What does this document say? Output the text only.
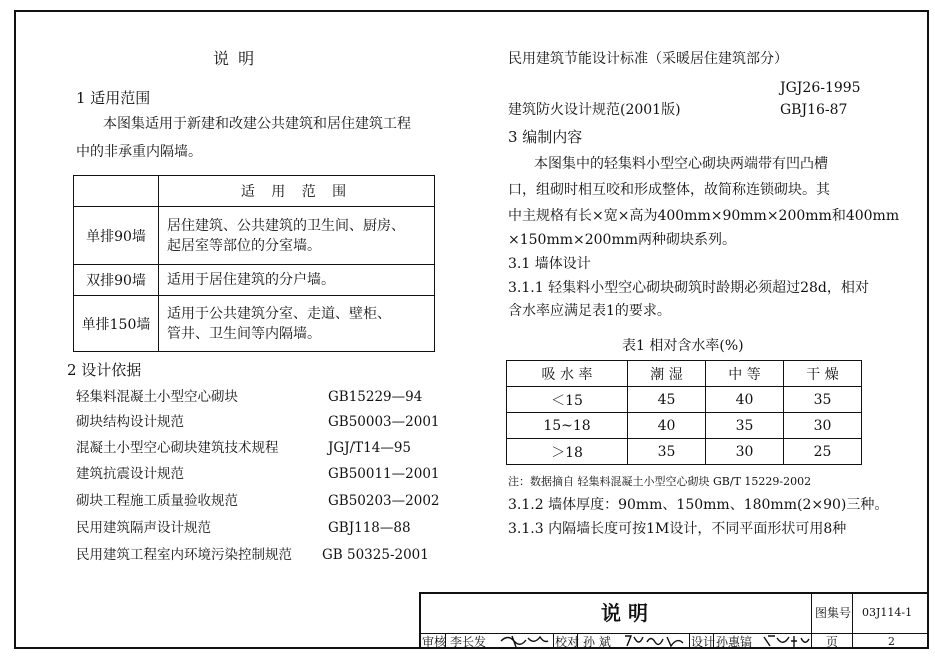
说 明
1 适用范围
本图集适用于新建和改建公共建筑和居住建筑工程
中的非承重内隔墙。
	适 用 范 围
单排90墙	居住建筑、公共建筑的卫生间、厨房、
起居室等部位的分室墙。

双排90墙	适用于居住建筑的分户墙。

单排150墙	适用于公共建筑分室、走道、壁柜、
管井、卫生间等内隔墙。
2 设计依据
轻集料混凝土小型空心砌块	GB15229—94
砌块结构设计规范	GB50003—2001
混凝土小型空心砌块建筑技术规程	JGJ/T14—95
建筑抗震设计规范	GB50011—2001
砌块工程施工质量验收规范	GB50203—2002
民用建筑隔声设计规范	GBJ118—88
民用建筑工程室内环境污染控制规范 GB 50325-2001
民用建筑节能设计标准（采暖居住建筑部分）
JGJ26-1995
建筑防火设计规范(2001版)	GBJ16-87
3 编制内容
本图集中的轻集料小型空心砌块两端带有凹凸槽
口，组砌时相互咬和形成整体，故简称连锁砌块。其
中主规格有长×宽×高为400mm×90mm×200mm和400mm
×150mm×200mm两种砌块系列。
3.1 墙体设计
3.1.1 轻集料小型空心砌块砌筑时龄期必须超过28d，相对
含水率应满足表1的要求。
表1 相对含水率(%)
吸 水 率	潮 湿	中 等	干 燥
＜15	45	40	35
15~18	40	35	30
＞18	35	30	25
注：数据摘自 轻集料混凝土小型空心砌块 GB/T 15229-2002
3.1.2 墙体厚度：90mm、150mm、180mm(2×90)三种。
3.1.3 内隔墙长度可按1M设计，不同平面形状可用8种
说 明	图集号 03J114-1
审核 李长发	校对 孙 斌	设计 孙惠镐	页	2
